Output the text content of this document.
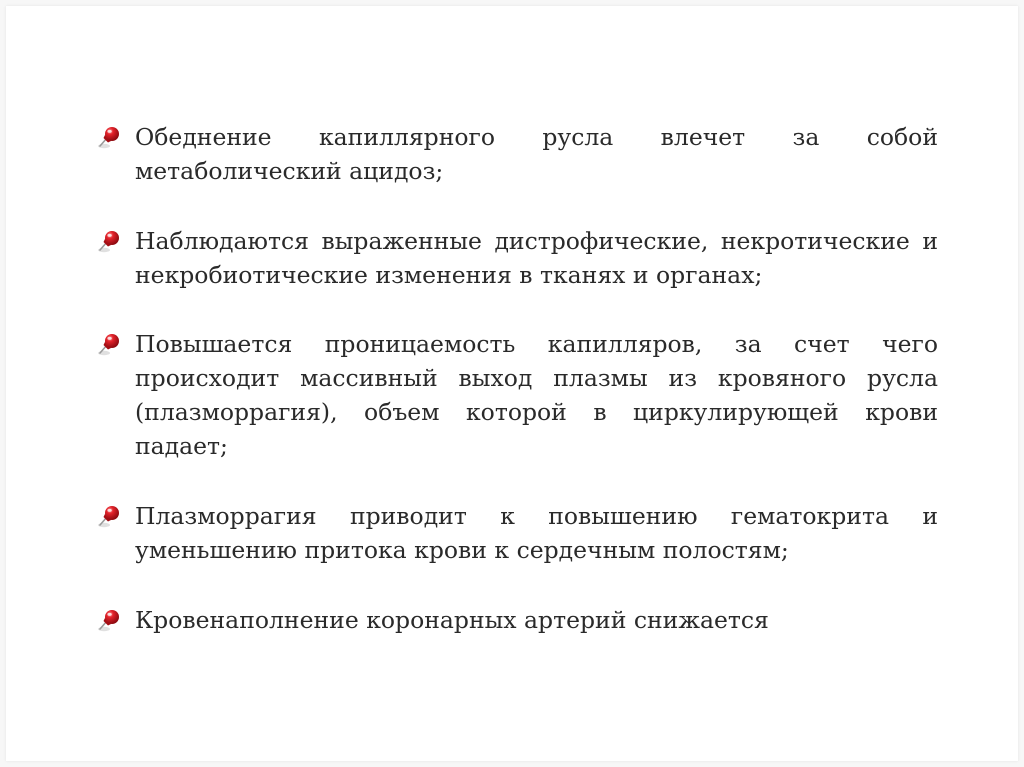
Обеднение капиллярного русла влечет за собой метаболический ацидоз;
Наблюдаются выраженные дистрофические, некротические и некробиотические изменения в тканях и органах;
Повышается проницаемость капилляров, за счет чего происходит массивный выход плазмы из кровяного русла (плазморрагия), объем которой в циркулирующей крови падает;
Плазморрагия приводит к повышению гематокрита и уменьшению притока крови к сердечным полостям;
Кровенаполнение коронарных артерий снижается
